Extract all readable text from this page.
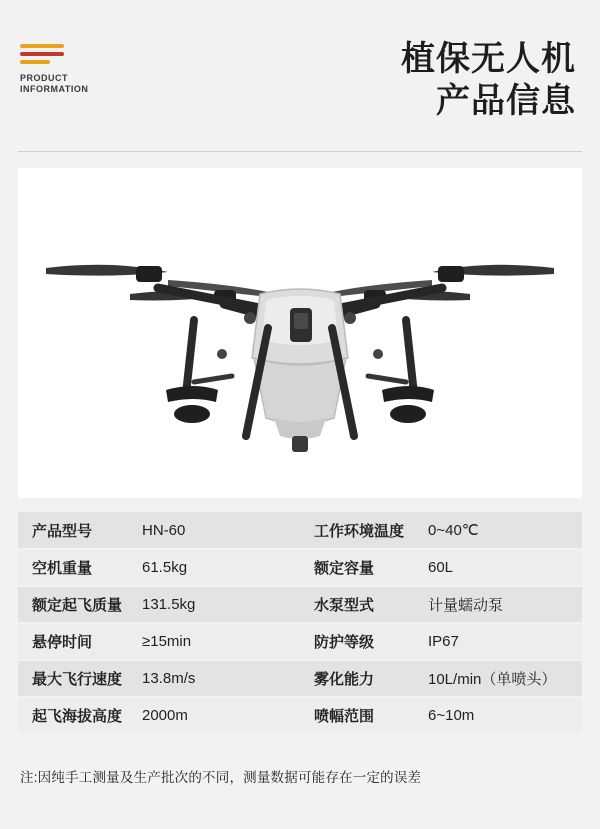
PRODUCT
INFORMATION
植保无人机
产品信息
产品型号	HN-60	工作环境温度	0~40℃
空机重量	61.5kg	额定容量	60L
额定起飞质量	131.5kg	水泵型式	计量蠕动泵
悬停时间	≥15min	防护等级	IP67
最大飞行速度	13.8m/s	雾化能力	10L/min（单喷头）
起飞海拔高度	2000m	喷幅范围	6~10m
注:因纯手工测量及生产批次的不同，测量数据可能存在一定的误差
